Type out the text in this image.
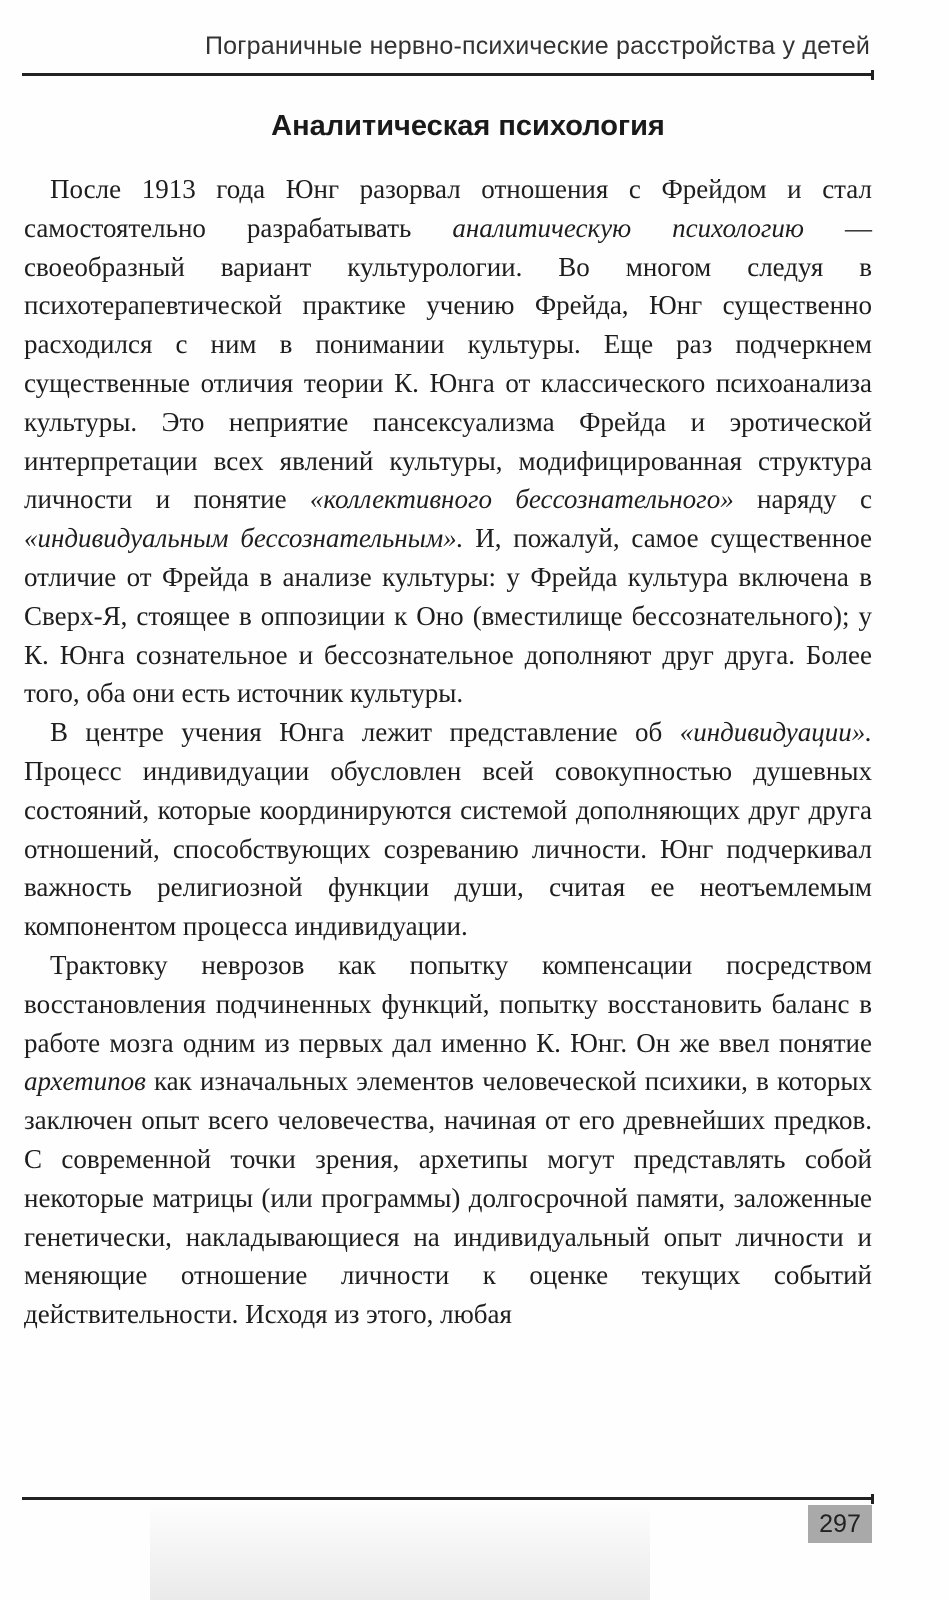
Пограничные нервно-психические расстройства у детей
Аналитическая психология

После 1913 года Юнг разорвал отношения с Фрейдом и стал самостоятельно разрабатывать аналитическую психологию — своеобразный вариант культурологии. Во многом следуя в психотерапевтической практике учению Фрейда, Юнг существенно расходился с ним в понимании культуры. Еще раз подчеркнем существенные отличия теории К. Юнга от классического психоанализа культуры. Это неприятие пансексуализма Фрейда и эротической интерпретации всех явлений культуры, модифицированная структура личности и понятие «коллективного бессознательного» наряду с «индивидуальным бессознательным». И, пожалуй, самое существенное отличие от Фрейда в анализе культуры: у Фрейда культура включена в Сверх-Я, стоящее в оппозиции к Оно (вместилище бессознательного); у К. Юнга сознательное и бессознательное дополняют друг друга. Более того, оба они есть источник культуры.

В центре учения Юнга лежит представление об «индивидуации». Процесс индивидуации обусловлен всей совокупностью душевных состояний, которые координируются системой дополняющих друг друга отношений, способствующих созреванию личности. Юнг подчеркивал важность религиозной функции души, считая ее неотъемлемым компонентом процесса индивидуации.

Трактовку неврозов как попытку компенсации посредством восстановления подчиненных функций, попытку восстановить баланс в работе мозга одним из первых дал именно К. Юнг. Он же ввел понятие архетипов как изначальных элементов человеческой психики, в которых заключен опыт всего человечества, начиная от его древнейших предков. С современной точки зрения, архетипы могут представлять собой некоторые матрицы (или программы) долгосрочной памяти, заложенные генетически, накладывающиеся на индивидуальный опыт личности и меняющие отношение личности к оценке текущих событий действительности. Исходя из этого, любая

297
